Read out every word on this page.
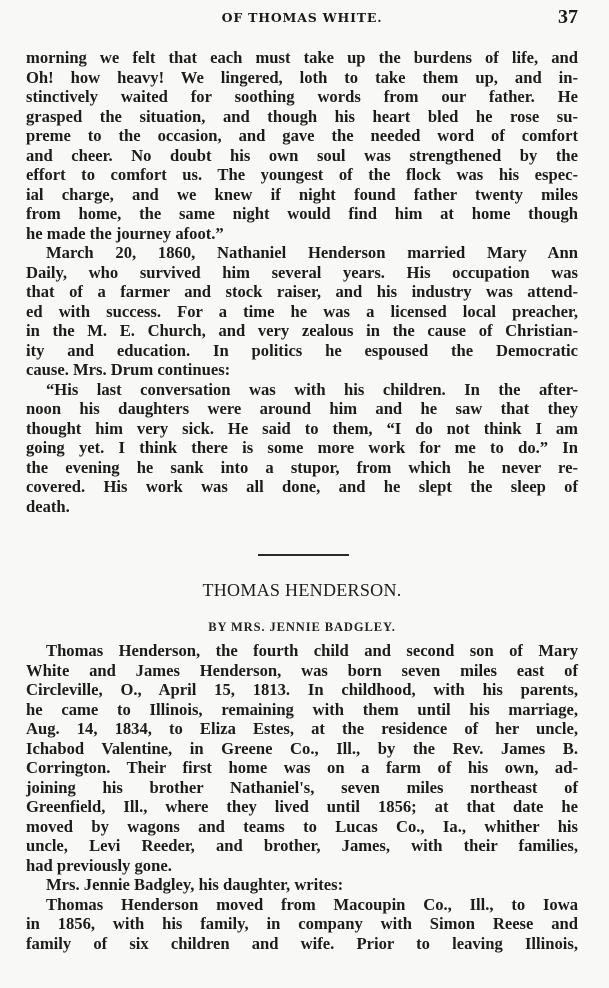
OF THOMAS WHITE.	37
morning we felt that each must take up the burdens of life, and
Oh! how heavy! We lingered, loth to take them up, and in-
stinctively waited for soothing words from our father. He
grasped the situation, and though his heart bled he rose su-
preme to the occasion, and gave the needed word of comfort
and cheer. No doubt his own soul was strengthened by the
effort to comfort us. The youngest of the flock was his espec-
ial charge, and we knew if night found father twenty miles
from home, the same night would find him at home though
he made the journey afoot.”
March 20, 1860, Nathaniel Henderson married Mary Ann
Daily, who survived him several years. His occupation was
that of a farmer and stock raiser, and his industry was attend-
ed with success. For a time he was a licensed local preacher,
in the M. E. Church, and very zealous in the cause of Christian-
ity and education. In politics he espoused the Democratic
cause. Mrs. Drum continues:
“His last conversation was with his children. In the after-
noon his daughters were around him and he saw that they
thought him very sick. He said to them, “I do not think I am
going yet. I think there is some more work for me to do.” In
the evening he sank into a stupor, from which he never re-
covered. His work was all done, and he slept the sleep of
death.
THOMAS HENDERSON.
BY MRS. JENNIE BADGLEY.
Thomas Henderson, the fourth child and second son of Mary
White and James Henderson, was born seven miles east of
Circleville, O., April 15, 1813. In childhood, with his parents,
he came to Illinois, remaining with them until his marriage,
Aug. 14, 1834, to Eliza Estes, at the residence of her uncle,
Ichabod Valentine, in Greene Co., Ill., by the Rev. James B.
Corrington. Their first home was on a farm of his own, ad-
joining his brother Nathaniel's, seven miles northeast of
Greenfield, Ill., where they lived until 1856; at that date he
moved by wagons and teams to Lucas Co., Ia., whither his
uncle, Levi Reeder, and brother, James, with their families,
had previously gone.
Mrs. Jennie Badgley, his daughter, writes:
Thomas Henderson moved from Macoupin Co., Ill., to Iowa
in 1856, with his family, in company with Simon Reese and
family of six children and wife. Prior to leaving Illinois,
